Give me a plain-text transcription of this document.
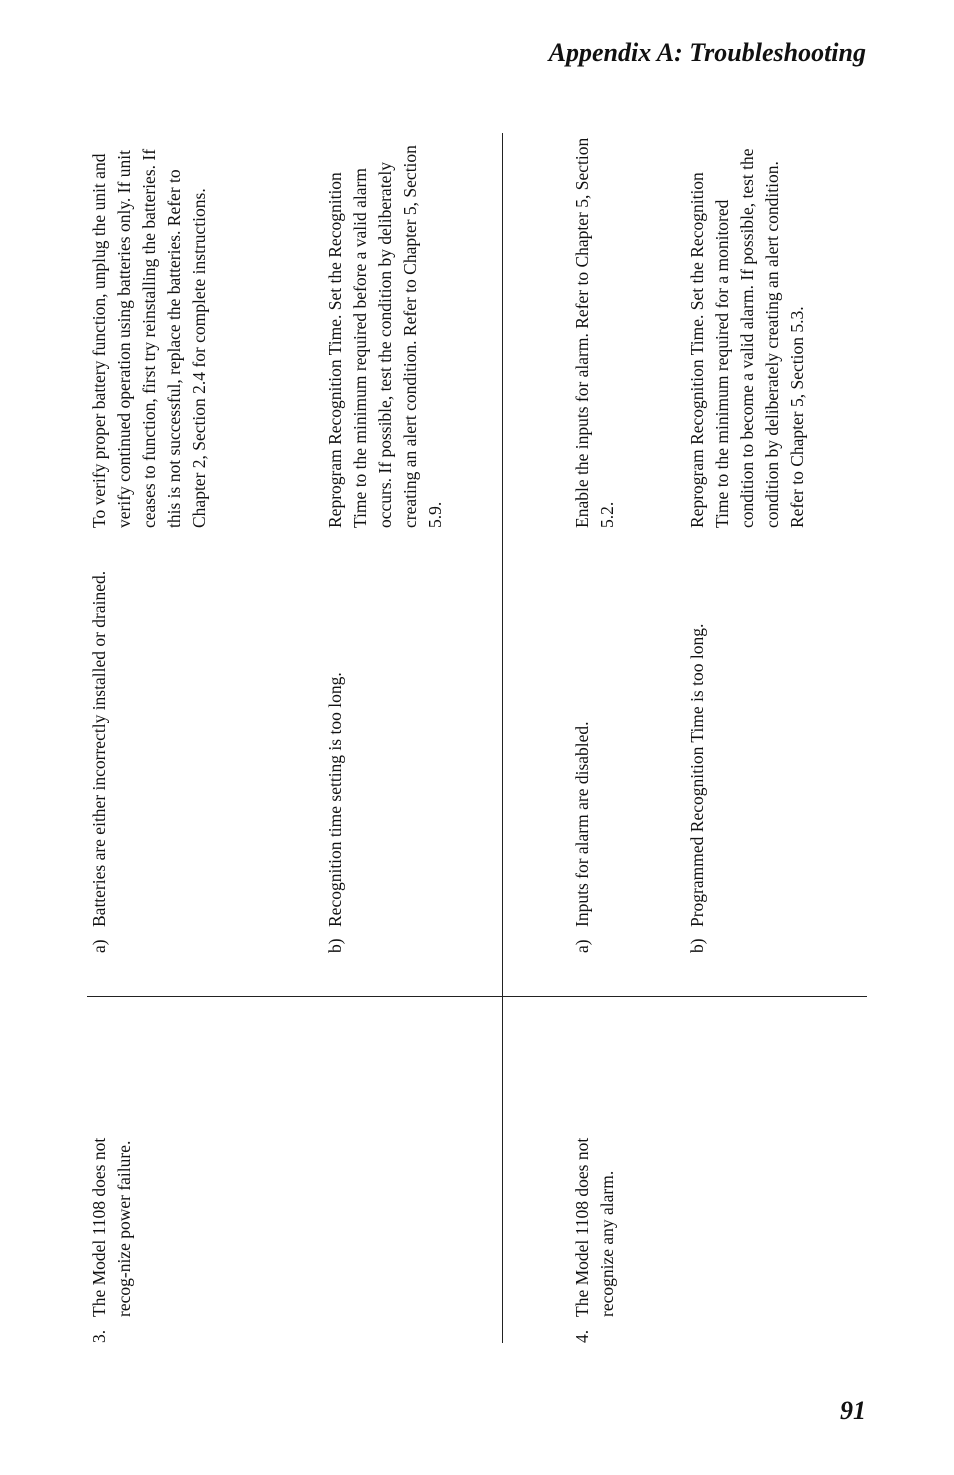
Appendix A: Troubleshooting
3.
The Model 1108 does not recog-nize power failure.
a)
Batteries are either incorrectly installed or drained.
To verify proper battery function, unplug the unit and verify continued operation using batteries only. If unit ceases to function, first try reinstalling the batteries. If this is not successful, replace the batteries. Refer to Chapter 2, Section 2.4 for complete instructions.
b)
Recognition time setting is too long.
Reprogram Recognition Time. Set the Recognition Time to the minimum required before a valid alarm occurs. If possible, test the condition by deliberately creating an alert condition. Refer to Chapter 5, Section 5.9.
4.
The Model 1108 does not recognize any alarm.
a)
Inputs for alarm are disabled.
Enable the inputs for alarm. Refer to Chapter 5, Section 5.2.
b)
Programmed Recognition Time is too long.
Reprogram Recognition Time. Set the Recognition Time to the minimum required for a monitored condition to become a valid alarm. If possible, test the condition by deliberately creating an alert condition. Refer to Chapter 5, Section 5.3.
91
